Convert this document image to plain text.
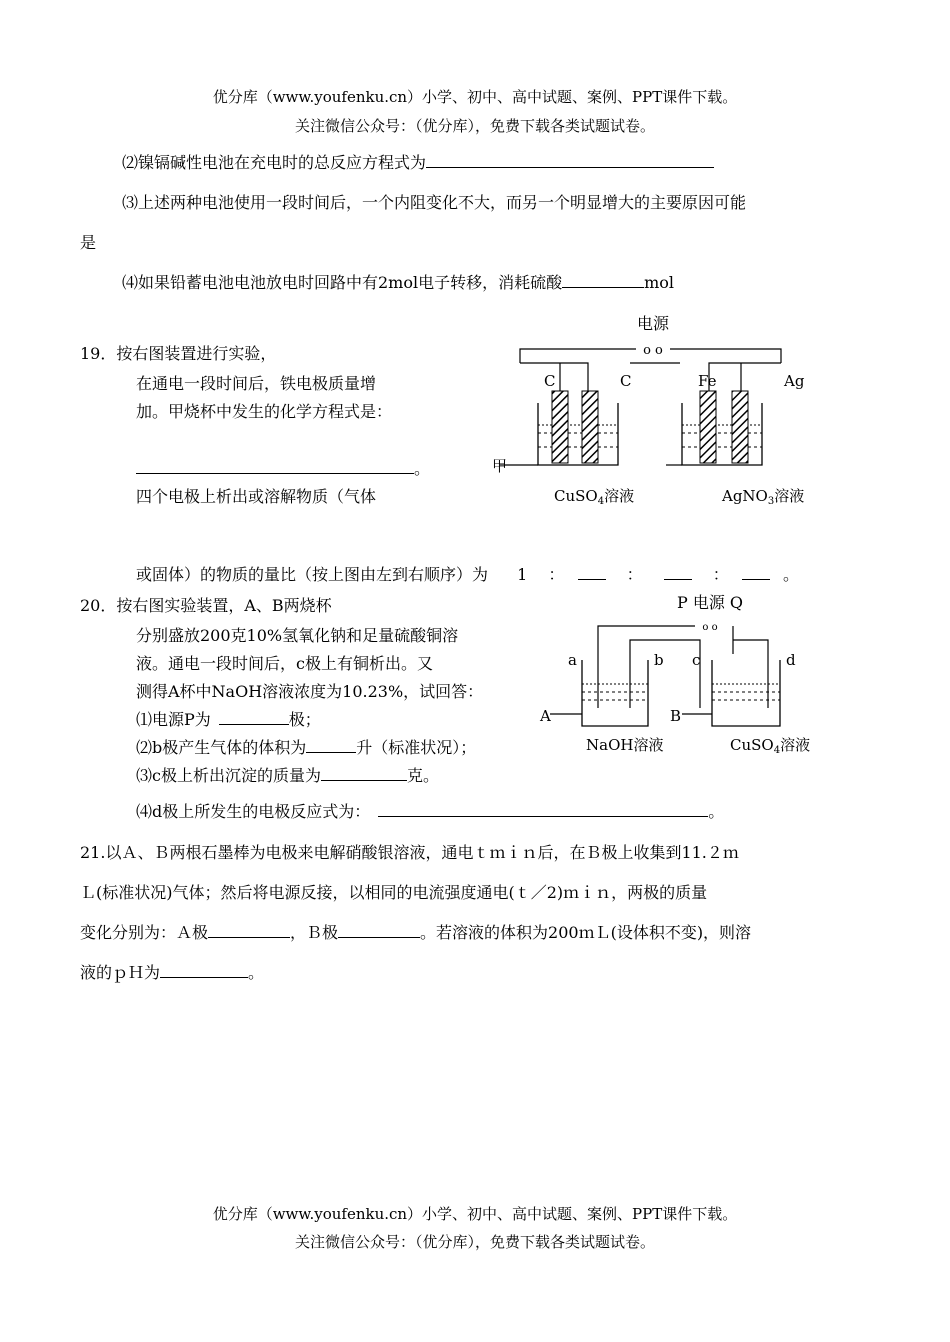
优分库（www.youfenku.cn）小学、初中、高中试题、案例、PPT课件下载。
关注微信公众号：（优分库），免费下载各类试题试卷。
⑵镍镉碱性电池在充电时的总反应方程式为
⑶上述两种电池使用一段时间后，一个内阻变化不大，而另一个明显增大的主要原因可能
是
⑷如果铅蓄电池电池放电时回路中有2mol电子转移，消耗硫酸	mol
19．按右图装置进行实验，
在通电一段时间后，铁电极质量增
加。甲烧杯中发生的化学方程式是：
。
四个电极上析出或溶解物质（气体
或固体）的物质的量比（按上图由左到右顺序）为 1 ：	：	：	。
电源
o o
C	C	Fe	Ag
甲
CuSO$_4$溶液	AgNO$_3$溶液
20．按右图实验装置，A、B两烧杯
分别盛放200克10%氢氧化钠和足量硫酸铜溶
液。通电一段时间后，c极上有铜析出。又
测得A杯中NaOH溶液浓度为10.23%，试回答：
⑴电源P为	极；
⑵b极产生气体的体积为	升（标准状况）；
⑶c极上析出沉淀的质量为	克。
⑷d极上所发生的电极反应式为：	。
P 电源 Q
o o
a	b c	d
A	B
NaOH溶液	CuSO$_4$溶液
21.以Ａ、Ｂ两根石墨棒为电极来电解硝酸银溶液，通电ｔｍｉｎ后，在Ｂ极上收集到11.２ｍ
Ｌ(标准状况)气体；然后将电源反接，以相同的电流强度通电(ｔ／2)ｍｉｎ，两极的质量
变化分别为：Ａ极	，Ｂ极	。若溶液的体积为200ｍＬ(设体积不变)，则溶
液的ｐＨ为	。
优分库（www.youfenku.cn）小学、初中、高中试题、案例、PPT课件下载。
关注微信公众号：（优分库），免费下载各类试题试卷。
